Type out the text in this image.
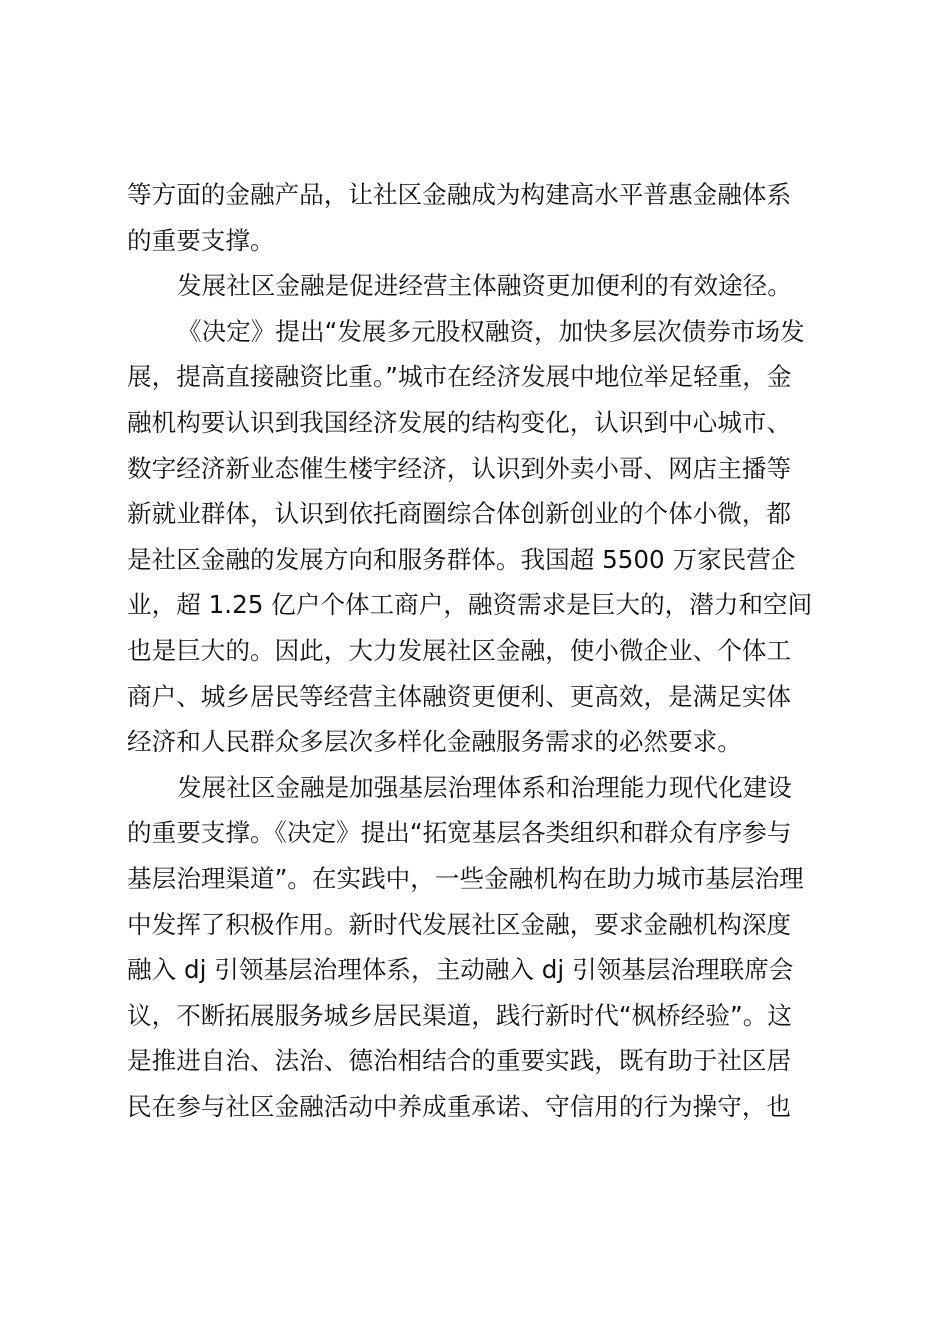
等方面的金融产品，让社区金融成为构建高水平普惠金融体系
的重要支撑。
发展社区金融是促进经营主体融资更加便利的有效途径。
《决定》提出“发展多元股权融资，加快多层次债券市场发
展，提高直接融资比重。”城市在经济发展中地位举足轻重，金
融机构要认识到我国经济发展的结构变化，认识到中心城市、
数字经济新业态催生楼宇经济，认识到外卖小哥、网店主播等
新就业群体，认识到依托商圈综合体创新创业的个体小微，都
是社区金融的发展方向和服务群体。我国超 5500 万家民营企
业，超 1.25 亿户个体工商户，融资需求是巨大的，潜力和空间
也是巨大的。因此，大力发展社区金融，使小微企业、个体工
商户、城乡居民等经营主体融资更便利、更高效，是满足实体
经济和人民群众多层次多样化金融服务需求的必然要求。
发展社区金融是加强基层治理体系和治理能力现代化建设
的重要支撑。《决定》提出“拓宽基层各类组织和群众有序参与
基层治理渠道”。在实践中，一些金融机构在助力城市基层治理
中发挥了积极作用。新时代发展社区金融，要求金融机构深度
融入 dj 引领基层治理体系，主动融入 dj 引领基层治理联席会
议，不断拓展服务城乡居民渠道，践行新时代“枫桥经验”。这
是推进自治、法治、德治相结合的重要实践，既有助于社区居
民在参与社区金融活动中养成重承诺、守信用的行为操守，也
